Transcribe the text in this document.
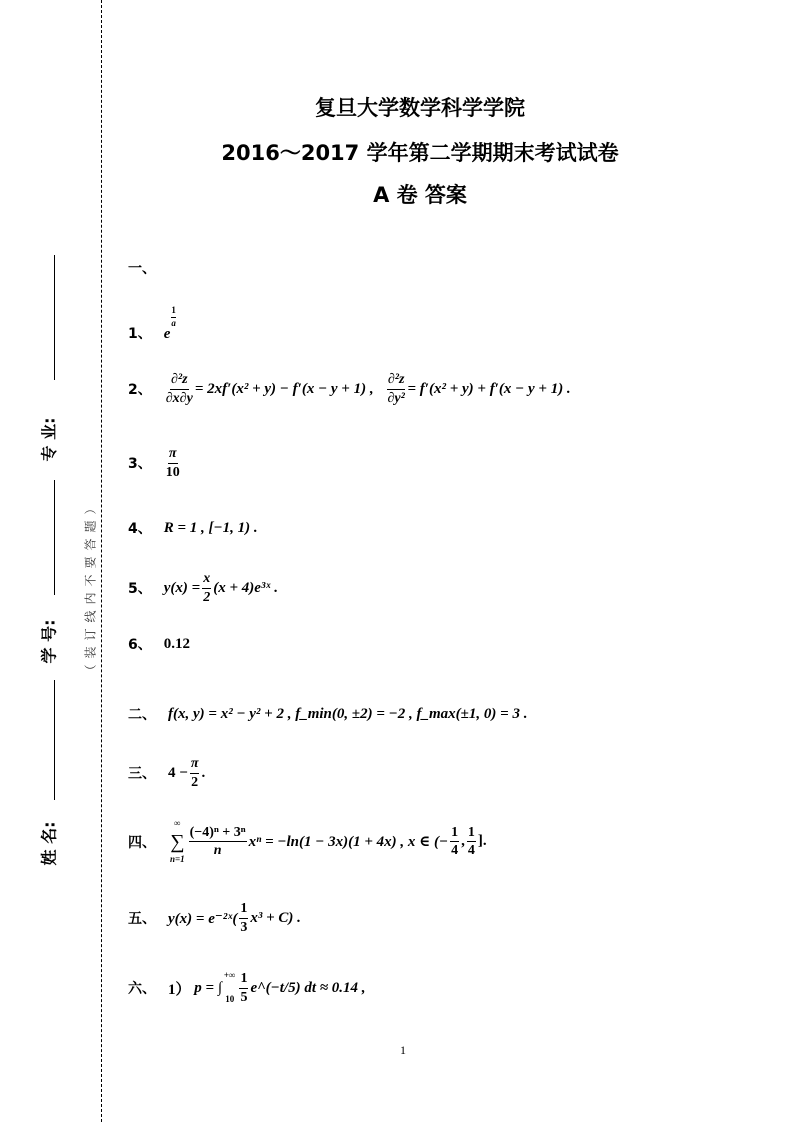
专 业:
学 号:
姓 名:
（装订线内不要答题）
复旦大学数学科学学院
2016～2017 学年第二学期期末考试试卷
A 卷 答案
一、
1、 e
$\frac{1}{a}$
2、 $\frac{\text{∂²z}}{\partial x\partial y} = 2xf'(x^2 + y) - f'(x - y + 1)$ ,
$\frac{\text{∂²z}}{\text{∂y²}} = f'(x^2 + y) + f'(x - y + 1)$ .
3、 $\frac{\pi}{10}$
4、 R = 1 , [−1, 1) .
5、 $y(x) = \frac{x}{2} (x$ + 4)e³ˣ .
6、 0.12
二、 f(x, y) = x² − y² + 2 , f_min(0, ±2) = −2 , f_max(±1, 0) = 3 .
三、 $4 - \frac{\pi}{2}$ .
四、
∞
∑
$n=1 \frac{\text{(−4)ⁿ + 3ⁿ}}{n}$ xⁿ = −ln(1 − 3x)(1 + 4x) , x ∈ (− $\frac{1}{4}$ , $\frac{1}{4}$ ].
五、 y(x) = e⁻²ˣ( $\frac{1}{3} x^3 + C$) .
六、 1）
p = ∫
+∞
$10 \frac{1}{5}$ e^(−t/5) dt ≈ 0.14 ,
1
